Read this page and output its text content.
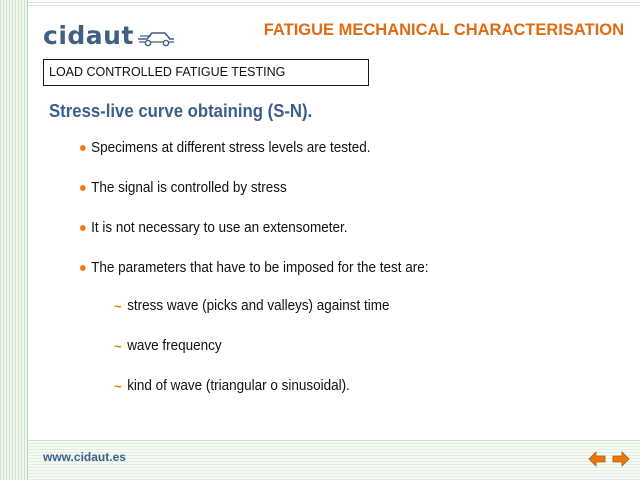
cidaut	FATIGUE MECHANICAL CHARACTERISATION
LOAD CONTROLLED FATIGUE TESTING
Stress-live curve obtaining (S-N).
Specimens at different stress levels are tested.
The signal is controlled by stress
It is not necessary to use an extensometer.
The parameters that have to be imposed for the test are:
~ stress wave (picks and valleys) against time
~ wave frequency
~ kind of wave (triangular o sinusoidal).
www.cidaut.es
